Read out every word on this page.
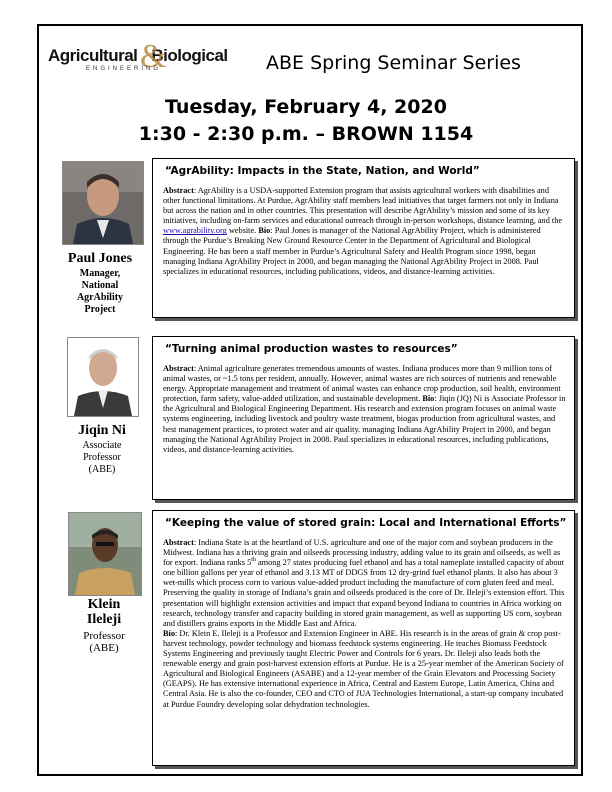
Agricultural Biological
&
ENGINEERING	ABE Spring Seminar Series
Tuesday, February 4, 2020
1:30 - 2:30 p.m. – BROWN 1154
Paul Jones
Manager,
National
AgrAbility
Project
“AgrAbility: Impacts in the State, Nation, and World”
Abstract: AgrAbility is a USDA-supported Extension program that assists agricultural workers with disabilities and other functional limitations. At Purdue, AgrAbility staff members lead initiatives that target farmers not only in Indiana but across the nation and in other countries. This presentation will describe AgrAbility’s mission and some of its key initiatives, including on-farm services and educational outreach through in-person workshops, distance learning, and the www.agrability.org website. Bio: Paul Jones is manager of the National AgrAbility Project, which is administered through the Purdue’s Breaking New Ground Resource Center in the Department of Agricultural and Biological Engineering. He has been a staff member in Purdue’s Agricultural Safety and Health Program since 1998, began managing Indiana AgrAbility Project in 2000, and began managing the National AgrAbility Project in 2008. Paul specializes in educational resources, including publications, videos, and distance-learning activities.
Jiqin Ni
Associate
Professor
(ABE)
“Turning animal production wastes to resources”
Abstract: Animal agriculture generates tremendous amounts of wastes. Indiana produces more than 9 million tons of animal wastes, or ~1.5 tons per resident, annually. However, animal wastes are rich sources of nutrients and renewable energy. Appropriate management and treatment of animal wastes can enhance crop production, soil health, environment protection, farm safety, value-added utilization, and sustainable development. Bio: Jiqin (JQ) Ni is Associate Professor in the Agricultural and Biological Engineering Department. His research and extension program focuses on animal waste systems engineering, including livestock and poultry waste treatment, biogas production from agricultural wastes, and best management practices, to protect water and air quality. managing Indiana AgrAbility Project in 2000, and began managing the National AgrAbility Project in 2008. Paul specializes in educational resources, including publications, videos, and distance-learning activities.
Klein
Ileleji
Professor
(ABE)
“Keeping the value of stored grain: Local and International Efforts”
Abstract: Indiana State is at the heartland of U.S. agriculture and one of the major corn and soybean producers in the Midwest. Indiana has a thriving grain and oilseeds processing industry, adding value to its grain and oilseeds, as well as for export. Indiana ranks 5th among 27 states producing fuel ethanol and has a total nameplate installed capacity of about one billion gallons per year of ethanol and 3.13 MT of DDGS from 12 dry-grind fuel ethanol plants. It also has about 3 wet-mills which process corn to various value-added product including the manufacture of corn gluten feed and meal. Preserving the quality in storage of Indiana’s grain and oilseeds produced is the core of Dr. Ileleji’s extension effort. This presentation will highlight extension activities and impact that expand beyond Indiana to countries in Africa working on research, technology transfer and capacity building in stored grain management, as well as supporting US corn, soybean and distillers grains exports in the Middle East and Africa.
Bio: Dr. Klein E. Ileleji is a Professor and Extension Engineer in ABE. His research is in the areas of grain & crop post-harvest technology, powder technology and biomass feedstock systems engineering. He teaches Biomass Feedstock Systems Engineering and previously taught Electric Power and Controls for 6 years. Dr. Ileleji also leads both the renewable energy and grain post-harvest extension efforts at Purdue. He is a 25-year member of the American Society of Agricultural and Biological Engineers (ASABE) and a 12-year member of the Grain Elevators and Processing Society (GEAPS). He has extensive international experience in Africa, Central and Eastern Europe, Latin America, China and Central Asia. He is also the co-founder, CEO and CTO of JUA Technologies International, a start-up company incubated at Purdue Foundry developing solar dehydration technologies.
